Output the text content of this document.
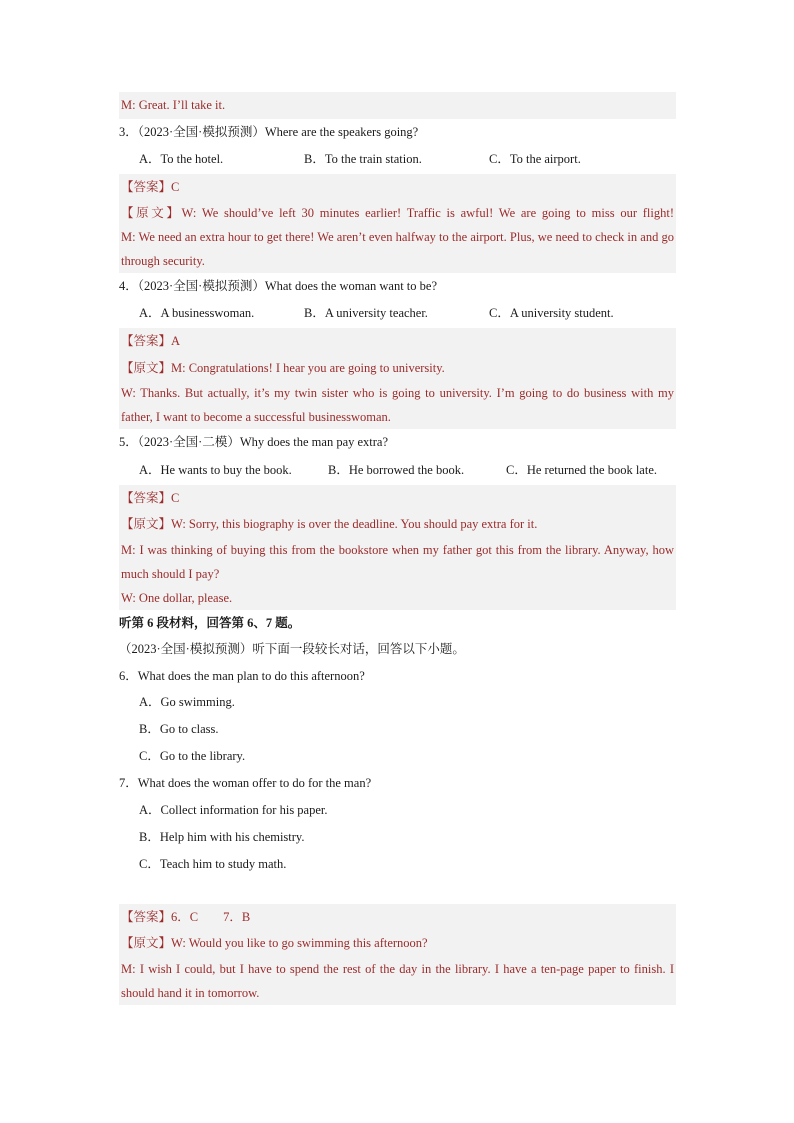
M: Great. I’ll take it.
3．（2023·全国·模拟预测）Where are the speakers going?
A．To the hotel.	B．To the train station.	C．To the airport.
【答案】C
【原文】W: We should’ve left 30 minutes earlier! Traffic is awful! We are going to miss our flight!
M: We need an extra hour to get there! We aren’t even halfway to the airport. Plus, we need to check in and go through security.
4．（2023·全国·模拟预测）What does the woman want to be?
A．A businesswoman.	B．A university teacher.	C．A university student.
【答案】A
【原文】M: Congratulations! I hear you are going to university.
W: Thanks. But actually, it’s my twin sister who is going to university. I’m going to do business with my father, I want to become a successful businesswoman.
5．（2023·全国·二模）Why does the man pay extra?
A．He wants to buy the book.	B．He borrowed the book.	C．He returned the book late.
【答案】C
【原文】W: Sorry, this biography is over the deadline. You should pay extra for it.
M: I was thinking of buying this from the bookstore when my father got this from the library. Anyway, how much should I pay?
W: One dollar, please.
听第 6 段材料，回答第 6、7 题。
（2023·全国·模拟预测）听下面一段较长对话，回答以下小题。
6．What does the man plan to do this afternoon?
A．Go swimming.
B．Go to class.
C．Go to the library.
7．What does the woman offer to do for the man?
A．Collect information for his paper.
B．Help him with his chemistry.
C．Teach him to study math.
【答案】6．C　　7．B
【原文】W: Would you like to go swimming this afternoon?
M: I wish I could, but I have to spend the rest of the day in the library. I have a ten-page paper to finish. I should hand it in tomorrow.
